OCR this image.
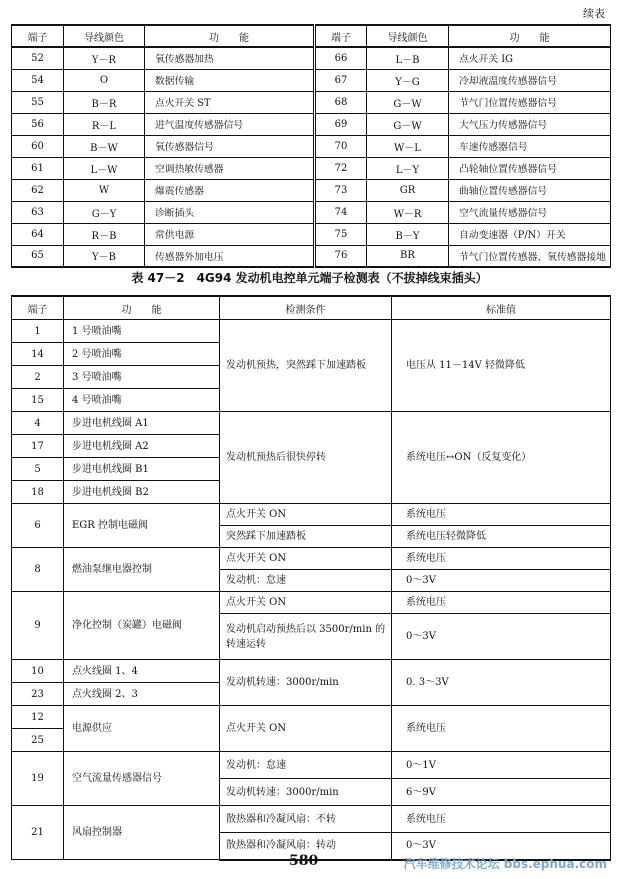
续表
端子	导线颜色	功　　能	端子	导线颜色	功　　能
52	Y－R	氧传感器加热	66	L－B	点火开关 IG
54	O	数据传输	67	Y－G	冷却液温度传感器信号
55	B－R	点火开关 ST	68	G－W	节气门位置传感器信号
56	R－L	进气温度传感器信号	69	G－W	大气压力传感器信号
60	B－W	氧传感器信号	70	W－L	车速传感器信号
61	L－W	空调热敏传感器	72	L－Y	凸轮轴位置传感器信号
62	W	爆震传感器	73	GR	曲轴位置传感器信号
63	G－Y	诊断插头	74	W－R	空气流量传感器信号
64	R－B	常供电源	75	B－Y	自动变速器（P/N）开关
65	Y－B	传感器外加电压	76	BR	节气门位置传感器、氧传感器接地
表 47－2　4G94 发动机电控单元端子检测表（不拔掉线束插头）
端子	功　　能	检测条件	标准值
1	1 号喷油嘴	发动机预热，突然踩下加速踏板	电压从 11－14V 轻微降低
14	2 号喷油嘴		
2	3 号喷油嘴		
15	4 号喷油嘴		
4	步进电机线圈 A1	发动机预热后很快停转	系统电压↔ON（反复变化）
17	步进电机线圈 A2		
5	步进电机线圈 B1		
18	步进电机线圈 B2		
6	EGR 控制电磁阀	点火开关 ON	系统电压
		突然踩下加速踏板	系统电压轻微降低
8	燃油泵继电器控制	点火开关 ON	系统电压
		发动机：怠速	0～3V
9	净化控制（炭罐）电磁阀	点火开关 ON	系统电压
		发动机启动预热后以 3500r/min 的转速运转	0～3V
10	点火线圈 1、4	发动机转速：3000r/min	0. 3～3V
23	点火线圈 2、3		
12	电源供应	点火开关 ON	系统电压
25			
19	空气流量传感器信号	发动机：怠速	0～1V
		发动机转速：3000r/min	6～9V
21	风扇控制器	散热器和冷凝风扇：不转	系统电压
		散热器和冷凝风扇：转动	0～3V
580	汽车维修技术论坛 bbs.ephua.com
